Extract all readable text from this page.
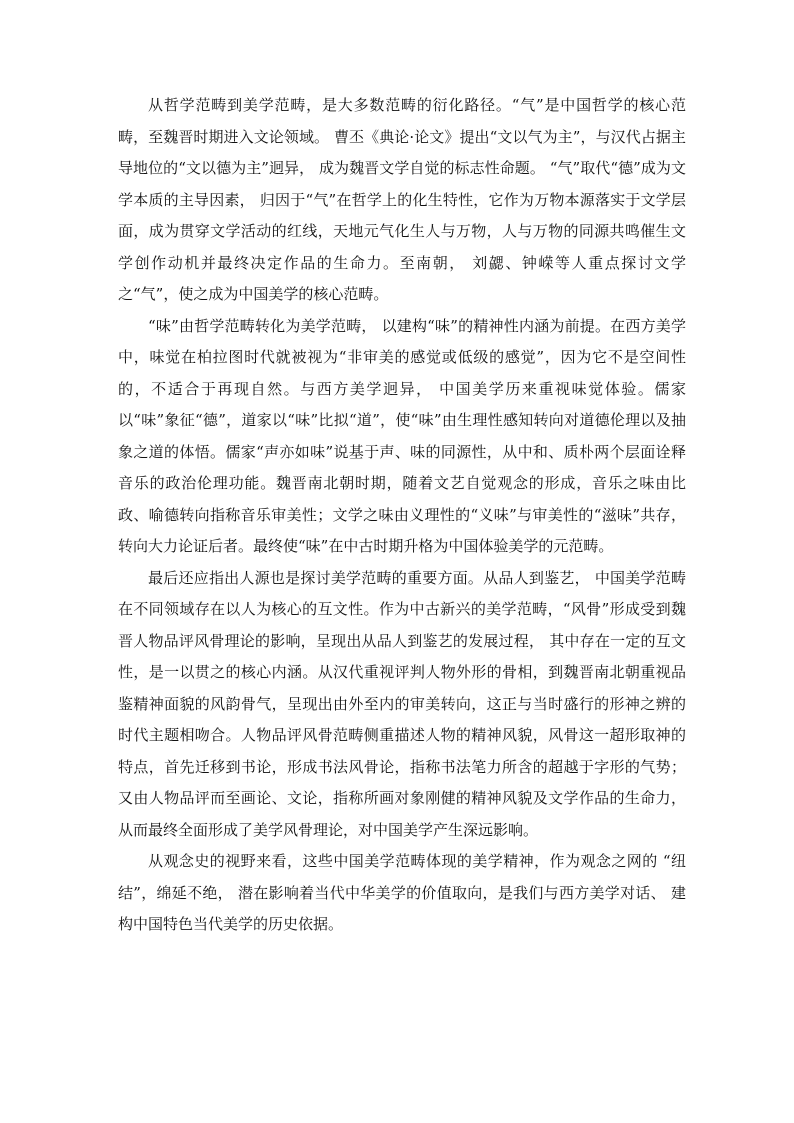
从哲学范畴到美学范畴，是大多数范畴的衍化路径。“气”是中国哲学的核心范畴，至魏晋时期进入文论领域。 曹丕《典论·论文》提出“文以气为主”，与汉代占据主导地位的“文以德为主”迥异， 成为魏晋文学自觉的标志性命题。 “气”取代“德”成为文学本质的主导因素， 归因于“气”在哲学上的化生特性，它作为万物本源落实于文学层面，成为贯穿文学活动的红线，天地元气化生人与万物，人与万物的同源共鸣催生文学创作动机并最终决定作品的生命力。至南朝， 刘勰、钟嵘等人重点探讨文学之“气”，使之成为中国美学的核心范畴。

“味”由哲学范畴转化为美学范畴， 以建构“味”的精神性内涵为前提。在西方美学中，味觉在柏拉图时代就被视为“非审美的感觉或低级的感觉”，因为它不是空间性的，不适合于再现自然。与西方美学迥异， 中国美学历来重视味觉体验。儒家以“味”象征“德”，道家以“味”比拟“道”，使“味”由生理性感知转向对道德伦理以及抽象之道的体悟。儒家“声亦如味”说基于声、味的同源性，从中和、质朴两个层面诠释音乐的政治伦理功能。魏晋南北朝时期，随着文艺自觉观念的形成，音乐之味由比政、喻德转向指称音乐审美性；文学之味由义理性的“义味”与审美性的“滋味”共存， 转向大力论证后者。最终使“味”在中古时期升格为中国体验美学的元范畴。

最后还应指出人源也是探讨美学范畴的重要方面。从品人到鉴艺， 中国美学范畴在不同领域存在以人为核心的互文性。作为中古新兴的美学范畴，“风骨”形成受到魏晋人物品评风骨理论的影响，呈现出从品人到鉴艺的发展过程， 其中存在一定的互文性，是一以贯之的核心内涵。从汉代重视评判人物外形的骨相，到魏晋南北朝重视品鉴精神面貌的风韵骨气，呈现出由外至内的审美转向，这正与当时盛行的形神之辨的时代主题相吻合。人物品评风骨范畴侧重描述人物的精神风貌，风骨这一超形取神的特点，首先迁移到书论，形成书法风骨论，指称书法笔力所含的超越于字形的气势； 又由人物品评而至画论、文论，指称所画对象刚健的精神风貌及文学作品的生命力，从而最终全面形成了美学风骨理论，对中国美学产生深远影响。

从观念史的视野来看，这些中国美学范畴体现的美学精神，作为观念之网的 “纽结”，绵延不绝， 潜在影响着当代中华美学的价值取向，是我们与西方美学对话、 建构中国特色当代美学的历史依据。
